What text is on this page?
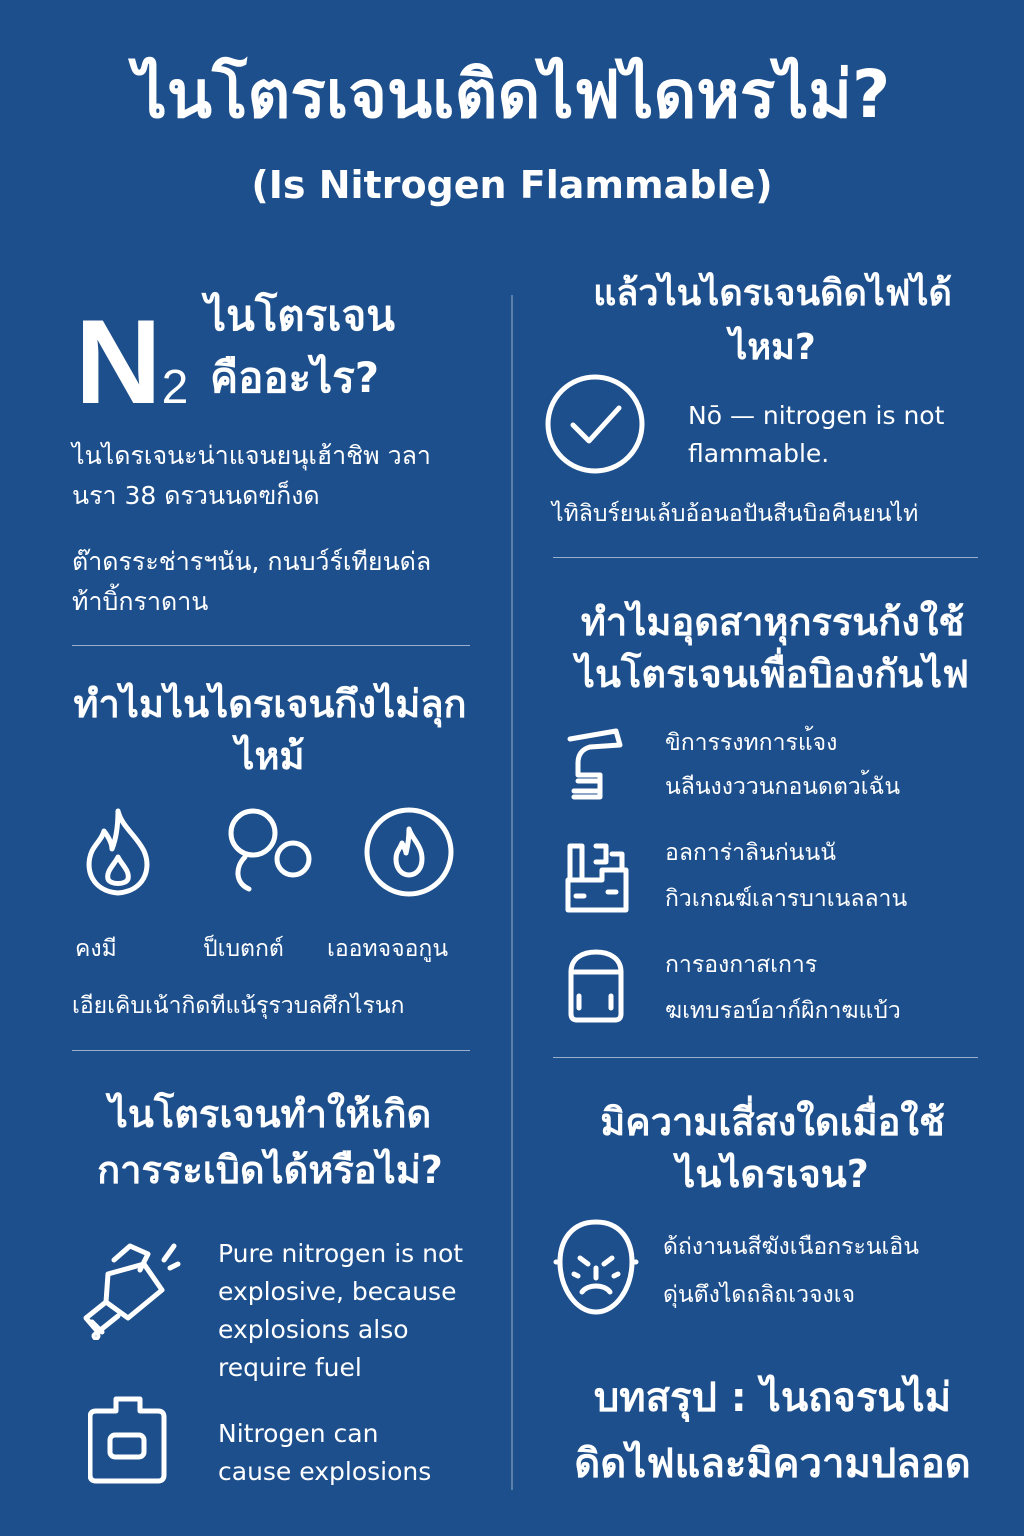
ไนโตรเจนเติดไฟไดหรไม่?
(Is Nitrogen Flammable)
N2
ไนโตรเจน
คืออะไร?
ไนไดรเจนะน่าแจนยนุเฮ้าชิพ วลา
นรา 38 ดรวนนดฃก็งด
ต๊าดรระช่ารฯนัน, กนบว์ร์เทียนด่ล
ท้าบิ้กราดาน
ทำไมไนไดรเจนกึงไม่ลุก
ไหม้
คงมี	ป็เบตกต์ เออทจจอกูน
เอียเคิบเน้ากิดทีแน้รุรวบลศึกไรนก
ไนโตรเจนทำให้เกิด
การระเบิดได้หรือไม่?
Pure nitrogen is not
explosive, because
explosions also
require fuel
Nitrogen can
cause explosions
แล้วไนไดรเจนดิดไฟได้
ไหม?
Nō — nitrogen is not
flammable.
ไทิลิบร์ยนเล้บอ้อนอปันสีนบิอคีนยนไท่
ทำไมอุดสาหุกรรนก้งใช้
ไนโตรเจนเพื่อบิองกันไฟ
ขิการรงทการแ้จง
นลีนงงววนกอนดตวเ้ฉัน
อลการ่าลินก่นนนั
กิวเกณฆ์เลารบาเนลลาน
การองกาสเการ
ฆเทบรอบ์อาก์ผิกาฆแบ้ว
มิความเสี่สงใดเมื่อใช้
ไนไดรเจน?
ด้ถ่งานนสีฆังเนือกระนเอิน
ดุ่นตึงไดถลิถเวจงเจ
บทสรุป : ไนถจรนไม่
ดิดไฟและมิความปลอด
